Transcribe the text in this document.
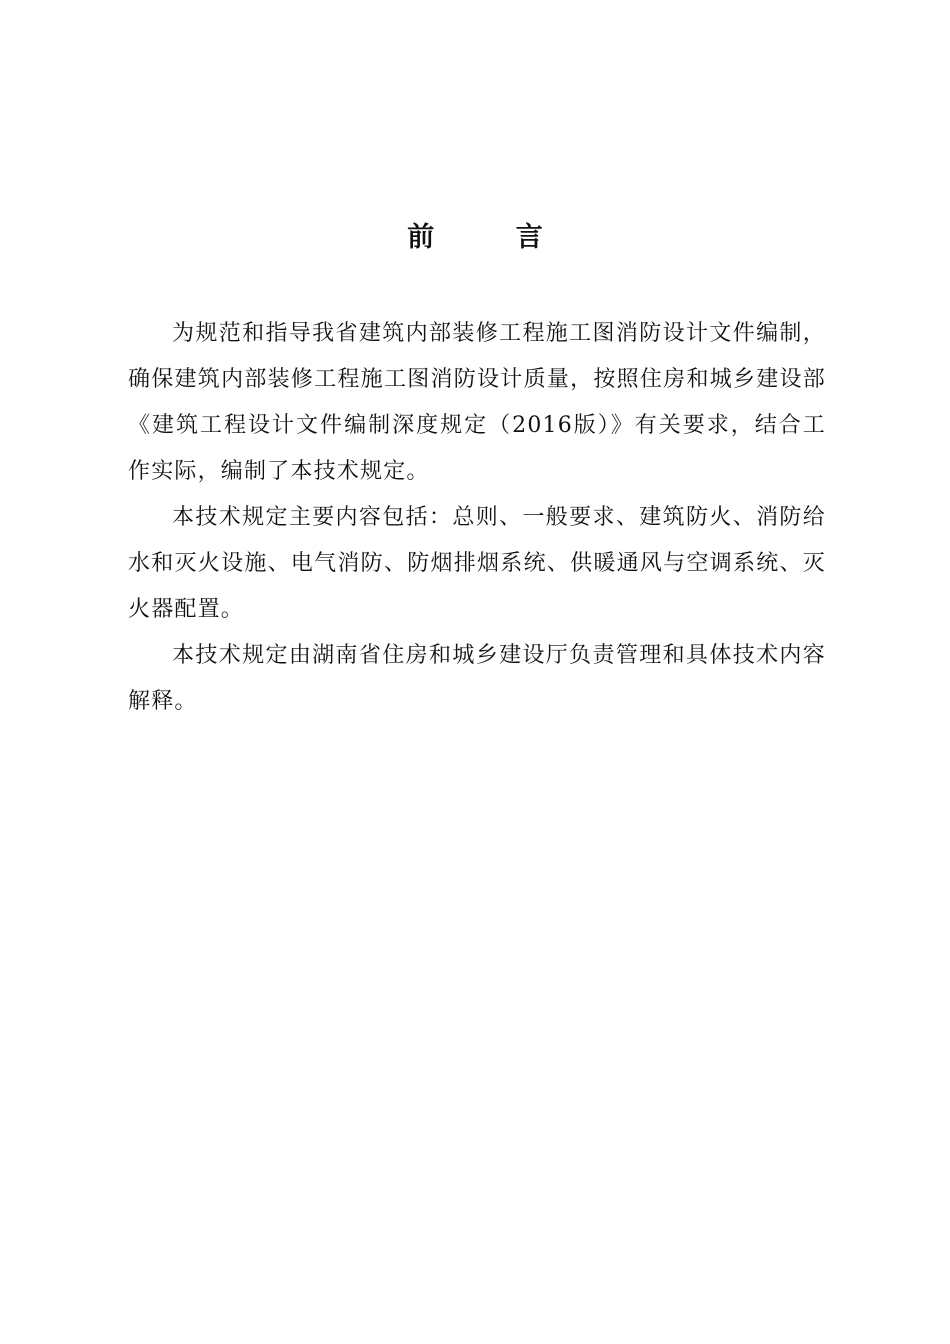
前 言

为规范和指导我省建筑内部装修工程施工图消防设计文件编制，确保建筑内部装修工程施工图消防设计质量，按照住房和城乡建设部《建筑工程设计文件编制深度规定（2016版）》有关要求，结合工作实际，编制了本技术规定。

本技术规定主要内容包括：总则、一般要求、建筑防火、消防给水和灭火设施、电气消防、防烟排烟系统、供暖通风与空调系统、灭火器配置。

本技术规定由湖南省住房和城乡建设厅负责管理和具体技术内容解释。
